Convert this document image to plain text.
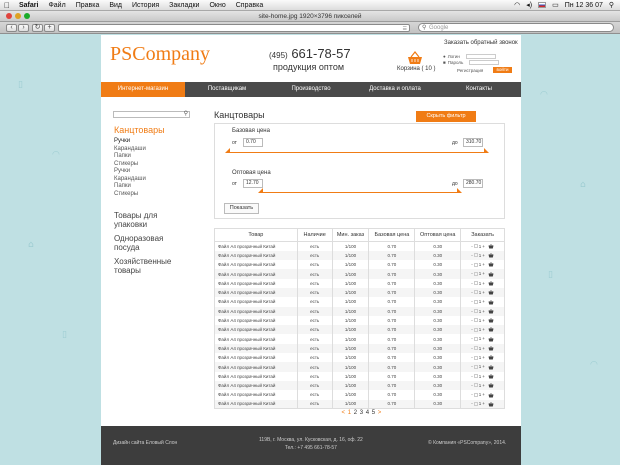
Safari	Файл	Правка	Вид	История	Закладки	Окно	Справка	◠ ◂)	▭ Пн 12 36 07 ⚲
site-home.jpg 1920×3796 пикселей
‹	›	↻	+	☰	⚲ Google
▯
◠
⌂
▯
◠
⌂
▯
◠
PSCompany	(495) 661-78-57
продукция оптом	Корзина ( 10 )
Заказать обратный звонок
● Логин
■ Пароль
Регистрация	войти
Интернет-магазин	Поставщикам	Производство	Доставка и оплата	Контакты
⚲
Канцтовары
Ручки
Карандаши
Папки
Стикеры
Ручки
Карандаши
Папки
Стикеры
Товары для упаковки
Одноразовая посуда
Хозяйственные товары
Канцтовары	Скрыть фильтр
Базовая цена
от	0.70	до	310.70
Оптовая цена
от	12.70	до	280.70
Показать
Товар	Наличие	Мин. заказ	Базовая цена	Оптовая цена	Заказать
Файл А4 прозрачный Китай	есть	1/100	0.70	0.30	- 1 +

Файл А4 прозрачный Китай	есть	1/100	0.70	0.30	- 1 +

Файл А4 прозрачный Китай	есть	1/100	0.70	0.30	- 1 +

Файл А4 прозрачный Китай	есть	1/100	0.70	0.30	- 1 +

Файл А4 прозрачный Китай	есть	1/100	0.70	0.30	- 1 +

Файл А4 прозрачный Китай	есть	1/100	0.70	0.30	- 1 +

Файл А4 прозрачный Китай	есть	1/100	0.70	0.30	- 1 +

Файл А4 прозрачный Китай	есть	1/100	0.70	0.30	- 1 +

Файл А4 прозрачный Китай	есть	1/100	0.70	0.30	- 1 +

Файл А4 прозрачный Китай	есть	1/100	0.70	0.30	- 1 +

Файл А4 прозрачный Китай	есть	1/100	0.70	0.30	- 1 +

Файл А4 прозрачный Китай	есть	1/100	0.70	0.30	- 1 +

Файл А4 прозрачный Китай	есть	1/100	0.70	0.30	- 1 +

Файл А4 прозрачный Китай	есть	1/100	0.70	0.30	- 1 +

Файл А4 прозрачный Китай	есть	1/100	0.70	0.30	- 1 +

Файл А4 прозрачный Китай	есть	1/100	0.70	0.30	- 1 +

Файл А4 прозрачный Китай	есть	1/100	0.70	0.30	- 1 +

Файл А4 прозрачный Китай	есть	1/100	0.70	0.30	- 1 +
< 1 2 3 4 5 >
Дизайн сайта Еловый Слон	119В, г. Москва, ул. Кусковская, д. 16, оф. 22
Тел.: +7 495 661-78-57
© Компания «PSCompany», 2014.
